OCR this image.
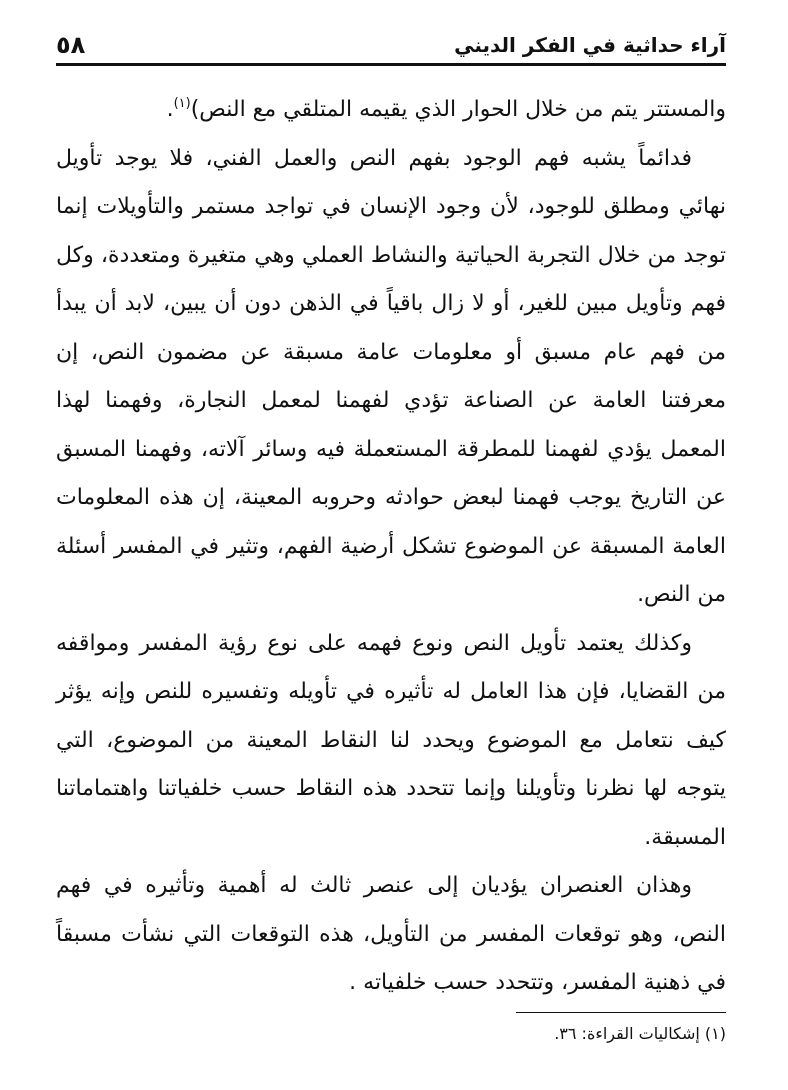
آراء حداثية في الفكر الديني
٥٨

والمستتر يتم من خلال الحوار الذي يقيمه المتلقي مع النص)$^{(١)}$.

فدائماً يشبه فهم الوجود بفهم النص والعمل الفني، فلا يوجد تأويل نهائي ومطلق للوجود، لأن وجود الإنسان في تواجد مستمر والتأويلات إنما توجد من خلال التجربة الحياتية والنشاط العملي وهي متغيرة ومتعددة، وكل فهم وتأويل مبين للغير، أو لا زال باقياً في الذهن دون أن يبين، لابد أن يبدأ من فهم عام مسبق أو معلومات عامة مسبقة عن مضمون النص، إن معرفتنا العامة عن الصناعة تؤدي لفهمنا لمعمل النجارة، وفهمنا لهذا المعمل يؤدي لفهمنا للمطرقة المستعملة فيه وسائر آلاته، وفهمنا المسبق عن التاريخ يوجب فهمنا لبعض حوادثه وحروبه المعينة، إن هذه المعلومات العامة المسبقة عن الموضوع تشكل أرضية الفهم، وتثير في المفسر أسئلة من النص.

وكذلك يعتمد تأويل النص ونوع فهمه على نوع رؤية المفسر ومواقفه من القضايا، فإن هذا العامل له تأثيره في تأويله وتفسيره للنص وإنه يؤثر كيف نتعامل مع الموضوع ويحدد لنا النقاط المعينة من الموضوع، التي يتوجه لها نظرنا وتأويلنا وإنما تتحدد هذه النقاط حسب خلفياتنا واهتماماتنا المسبقة.

وهذان العنصران يؤديان إلى عنصر ثالث له أهمية وتأثيره في فهم النص، وهو توقعات المفسر من التأويل، هذه التوقعات التي نشأت مسبقاً في ذهنية المفسر، وتتحدد حسب خلفياته .

(١) إشكاليات القراءة: ٣٦.
